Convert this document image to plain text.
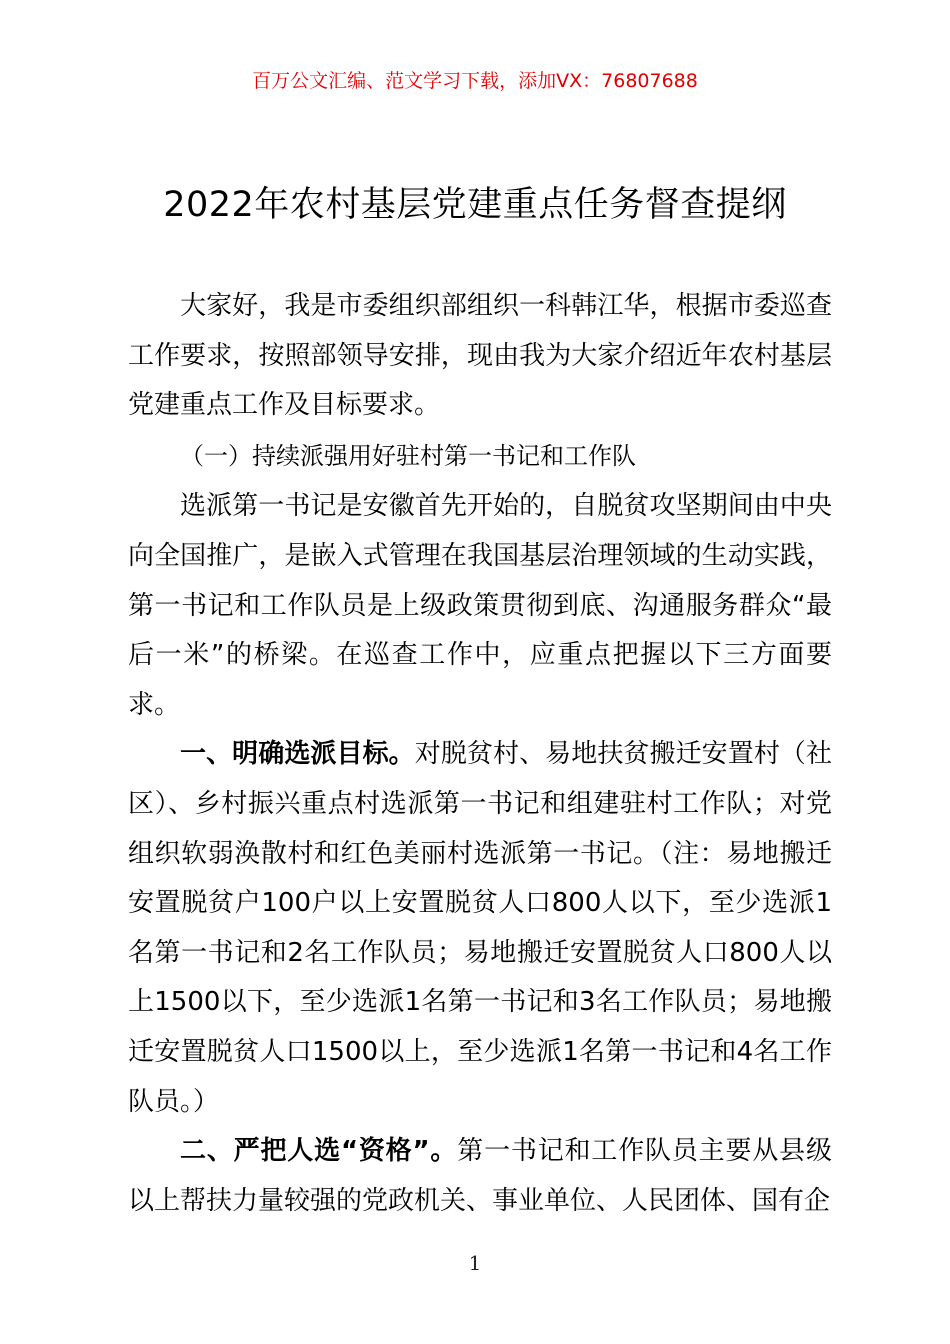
百万公文汇编、范文学习下载，添加VX：76807688
2022年农村基层党建重点任务督查提纲

大家好，我是市委组织部组织一科韩江华，根据市委巡查工作要求，按照部领导安排，现由我为大家介绍近年农村基层党建重点工作及目标要求。

（一）持续派强用好驻村第一书记和工作队

选派第一书记是安徽首先开始的，自脱贫攻坚期间由中央向全国推广，是嵌入式管理在我国基层治理领域的生动实践，第一书记和工作队员是上级政策贯彻到底、沟通服务群众“最后一米”的桥梁。在巡查工作中，应重点把握以下三方面要求。

一、明确选派目标。对脱贫村、易地扶贫搬迁安置村（社区）、乡村振兴重点村选派第一书记和组建驻村工作队；对党组织软弱涣散村和红色美丽村选派第一书记。（注：易地搬迁安置脱贫户100户以上安置脱贫人口800人以下，至少选派1名第一书记和2名工作队员；易地搬迁安置脱贫人口800人以上1500以下，至少选派1名第一书记和3名工作队员；易地搬迁安置脱贫人口1500以上，至少选派1名第一书记和4名工作队员。）

二、严把人选“资格”。第一书记和工作队员主要从县级以上帮扶力量较强的党政机关、事业单位、人民团体、国有企

1
